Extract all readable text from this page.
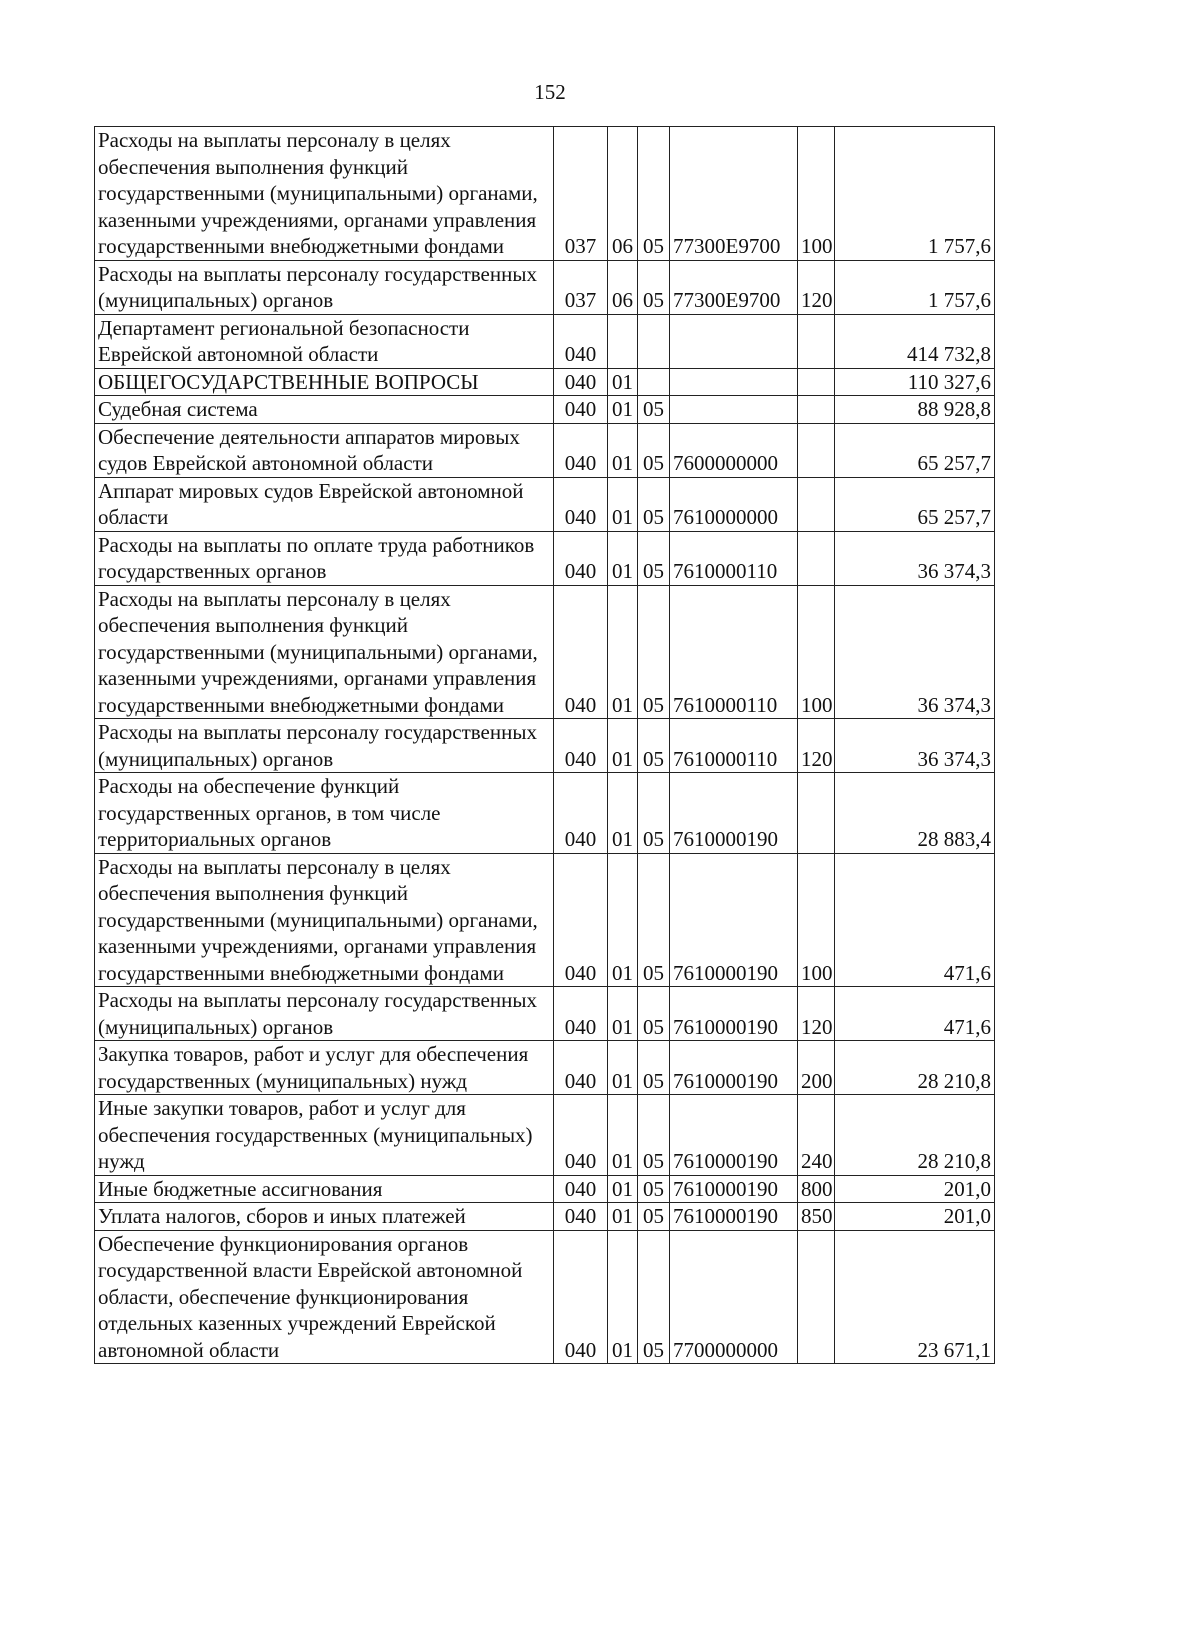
152
Расходы на выплаты персоналу в целях обеспечения выполнения функций государственными (муниципальными) органами, казенными учреждениями, органами управления государственными внебюджетными фондами	037	06	05	77300Е9700	100	1 757,6
Расходы на выплаты персоналу государственных (муниципальных) органов	037	06	05	77300Е9700	120	1 757,6
Департамент региональной безопасности Еврейской автономной области	040					414 732,8
ОБЩЕГОСУДАРСТВЕННЫЕ ВОПРОСЫ	040	01				110 327,6
Судебная система	040	01	05			88 928,8
Обеспечение деятельности аппаратов мировых судов Еврейской автономной области	040	01	05	7600000000		65 257,7
Аппарат мировых судов Еврейской автономной области	040	01	05	7610000000		65 257,7
Расходы на выплаты по оплате труда работников государственных органов	040	01	05	7610000110		36 374,3
Расходы на выплаты персоналу в целях обеспечения выполнения функций государственными (муниципальными) органами, казенными учреждениями, органами управления государственными внебюджетными фондами	040	01	05	7610000110	100	36 374,3
Расходы на выплаты персоналу государственных (муниципальных) органов	040	01	05	7610000110	120	36 374,3
Расходы на обеспечение функций государственных органов, в том числе территориальных органов	040	01	05	7610000190		28 883,4
Расходы на выплаты персоналу в целях обеспечения выполнения функций государственными (муниципальными) органами, казенными учреждениями, органами управления государственными внебюджетными фондами	040	01	05	7610000190	100	471,6
Расходы на выплаты персоналу государственных (муниципальных) органов	040	01	05	7610000190	120	471,6
Закупка товаров, работ и услуг для обеспечения государственных (муниципальных) нужд	040	01	05	7610000190	200	28 210,8
Иные закупки товаров, работ и услуг для обеспечения государственных (муниципальных) нужд	040	01	05	7610000190	240	28 210,8
Иные бюджетные ассигнования	040	01	05	7610000190	800	201,0
Уплата налогов, сборов и иных платежей	040	01	05	7610000190	850	201,0
Обеспечение функционирования органов государственной власти Еврейской автономной области, обеспечение функционирования отдельных казенных учреждений Еврейской автономной области	040	01	05	7700000000		23 671,1
